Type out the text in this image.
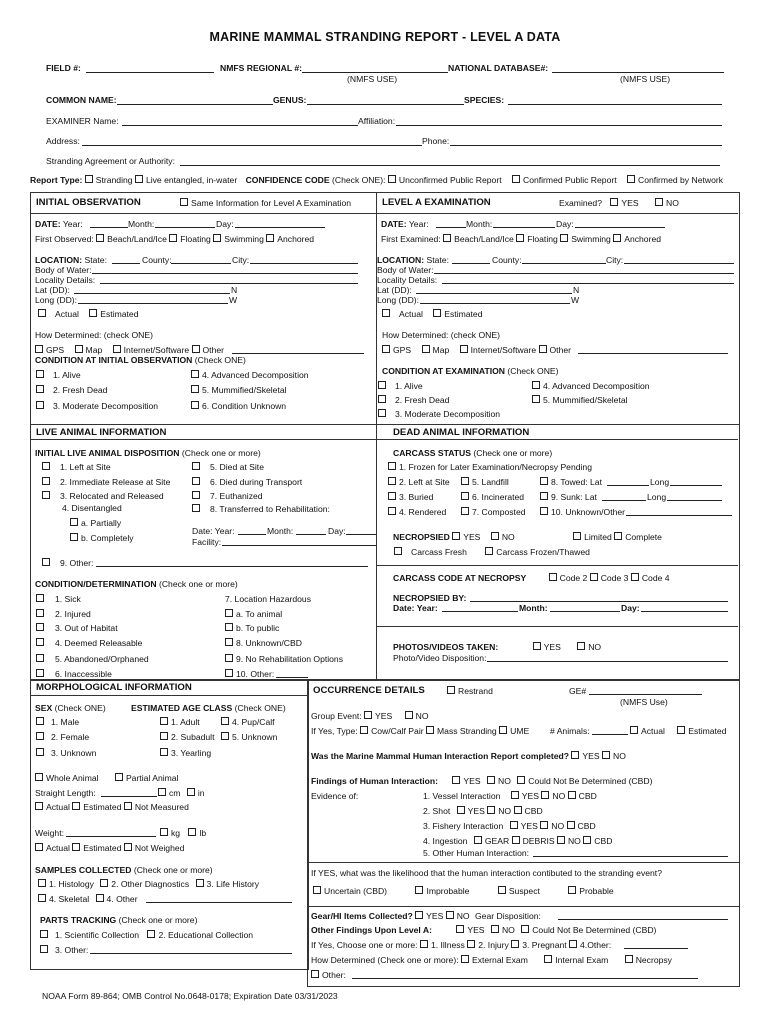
MARINE MAMMAL STRANDING REPORT - LEVEL A DATA
FIELD #:	NMFS REGIONAL #:
(NMFS USE)
NATIONAL DATABASE#:
(NMFS USE)
COMMON NAME:	GENUS:	SPECIES:
EXAMINER Name:	Affiliation:
Address:	Phone:
Stranding Agreement or Authority:
Report Type: Stranding Live entangled, in-water CONFIDENCE CODE (Check ONE): Unconfirmed Public Report Confirmed Public Report Confirmed by Network
INITIAL OBSERVATION	Same Information for Level A Examination
DATE: Year:	Month:	Day:
First Observed: Beach/Land/Ice Floating Swimming Anchored
LOCATION: State:	County:	City:
Body of Water:
Locality Details:
Lat (DD):	N
Long (DD):	W
Actual Estimated
How Determined: (check ONE)
GPS Map Internet/Software Other
CONDITION AT INITIAL OBSERVATION (Check ONE)
1. Alive
2. Fresh Dead
3. Moderate Decomposition
4. Advanced Decomposition
5. Mummified/Skeletal
6. Condition Unknown
LEVEL A EXAMINATION	Examined? YES	NO
DATE: Year:	Month:	Day:
First Examined: Beach/Land/Ice Floating Swimming Anchored
LOCATION: State:	County:	City:
Body of Water:
Locality Details:
Lat (DD):	N
Long (DD):	W
Actual Estimated
How Determined: (check ONE)
GPS Map Internet/Software Other
CONDITION AT EXAMINATION (Check ONE)
1. Alive
2. Fresh Dead
3. Moderate Decomposition
4. Advanced Decomposition
5. Mummified/Skeletal
LIVE ANIMAL INFORMATION
INITIAL LIVE ANIMAL DISPOSITION (Check one or more)
1. Left at Site
2. Immediate Release at Site
3. Relocated and Released
4. Disentangled
a. Partially
b. Completely
5. Died at Site
6. Died during Transport
7. Euthanized
8. Transferred to Rehabilitation:
Date: Year:	Month:	Day:
Facility:
9. Other:
CONDITION/DETERMINATION (Check one or more)
1. Sick
2. Injured
3. Out of Habitat
4. Deemed Releasable
5. Abandoned/Orphaned
6. Inaccessible
7. Location Hazardous
a. To animal
b. To public
8. Unknown/CBD
9. No Rehabilitation Options
10. Other:
DEAD ANIMAL INFORMATION
CARCASS STATUS (Check one or more)
1. Frozen for Later Examination/Necropsy Pending
2. Left at Site
3. Buried
4. Rendered
5. Landfill
6. Incinerated
7. Composted
8. Towed: Lat	Long
9. Sunk: Lat	Long
10. Unknown/Other
NECROPSIED YES NO	Limited Complete
Carcass Fresh	Carcass Frozen/Thawed
CARCASS CODE AT NECROPSY	Code 2 Code 3 Code 4
NECROPSIED BY:
Date: Year:	Month:	Day:
PHOTOS/VIDEOS TAKEN:	YES	NO
Photo/Video Disposition:
MORPHOLOGICAL INFORMATION
SEX (Check ONE)	ESTIMATED AGE CLASS (Check ONE)
1. Male
2. Female
3. Unknown
1. Adult
2. Subadult
3. Yearling
4. Pup/Calf
5. Unknown
Whole Animal	Partial Animal
Straight Length:	cm in
Actual Estimated Not Measured
Weight:	kg lb
Actual Estimated Not Weighed
SAMPLES COLLECTED (Check one or more)
1. Histology 2. Other Diagnostics 3. Life History
4. Skeletal 4. Other
PARTS TRACKING (Check one or more)
1. Scientific Collection 2. Educational Collection
3. Other:
OCCURRENCE DETAILS	Restrand	GE#
(NMFS Use)
Group Event: YES	NO
If Yes, Type: Cow/Calf Pair Mass Stranding UME # Animals:	Actual	Estimated
Was the Marine Mammal Human Interaction Report completed? YES NO
Findings of Human Interaction:	YES NO Could Not Be Determined (CBD)
Evidence of:	1. Vessel Interaction YES NO CBD
2. Shot YES NO CBD
3. Fishery Interaction YES NO CBD
4. Ingestion GEAR DEBRIS NO CBD
5. Other Human Interaction:
If YES, what was the likelihood that the human interaction contibuted to the stranding event?
Uncertain (CBD)	Improbable	Suspect	Probable
Gear/HI Items Collected? YES NO Gear Disposition:
Other Findings Upon Level A:	YES NO Could Not Be Determined (CBD)
If Yes, Choose one or more: 1. Illness 2. Injury 3. Pregnant 4.Other:
How Determined (Check one or more): External Exam	Internal Exam	Necropsy
Other:
NOAA Form 89-864; OMB Control No.0648-0178; Expiration Date 03/31/2023
